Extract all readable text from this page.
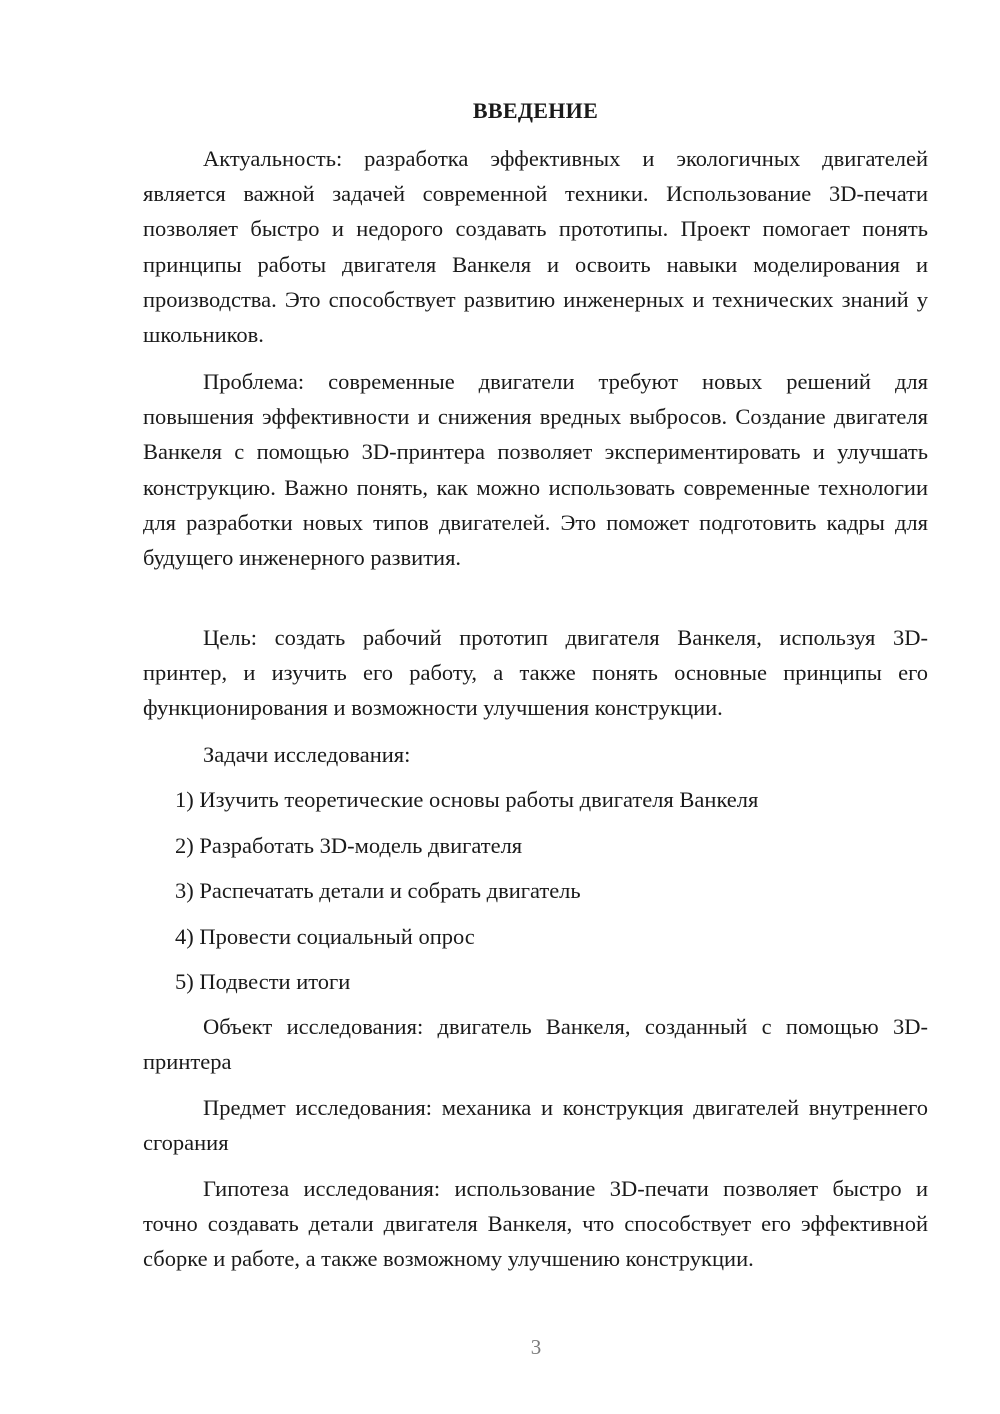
ВВЕДЕНИЕ

Актуальность: разработка эффективных и экологичных двигателей является важной задачей современной техники. Использование 3D-печати позволяет быстро и недорого создавать прототипы. Проект помогает понять принципы работы двигателя Ванкеля и освоить навыки моделирования и производства. Это способствует развитию инженерных и технических знаний у школьников.

Проблема: современные двигатели требуют новых решений для повышения эффективности и снижения вредных выбросов. Создание двигателя Ванкеля с помощью 3D-принтера позволяет экспериментировать и улучшать конструкцию. Важно понять, как можно использовать современные технологии для разработки новых типов двигателей. Это поможет подготовить кадры для будущего инженерного развития.

Цель: создать рабочий прототип двигателя Ванкеля, используя 3D-принтер, и изучить его работу, а также понять основные принципы его функционирования и возможности улучшения конструкции.

Задачи исследования:

1) Изучить теоретические основы работы двигателя Ванкеля

2) Разработать 3D-модель двигателя

3) Распечатать детали и собрать двигатель

4) Провести социальный опрос

5) Подвести итоги

Объект исследования: двигатель Ванкеля, созданный с помощью 3D-принтера

Предмет исследования: механика и конструкция двигателей внутреннего сгорания

Гипотеза исследования: использование 3D-печати позволяет быстро и точно создавать детали двигателя Ванкеля, что способствует его эффективной сборке и работе, а также возможному улучшению конструкции.

3
